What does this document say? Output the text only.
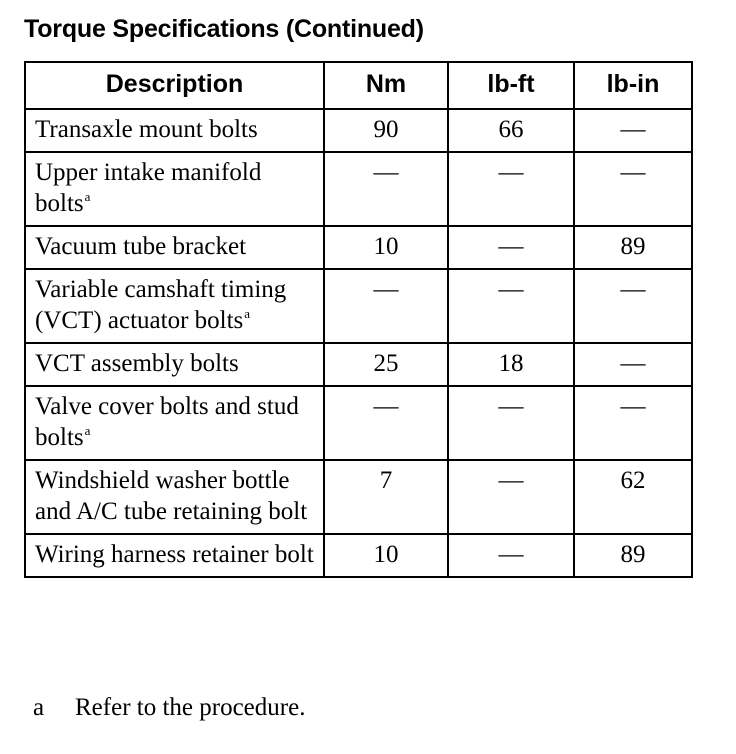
Torque Specifications (Continued)
Description	Nm	lb-ft	lb-in
Transaxle mount bolts	90	66	—
Upper intake manifold bolts$^a$	—	—	—
Vacuum tube bracket	10	—	89
Variable camshaft timing (VCT) actuator bolts$^a$	—	—	—
VCT assembly bolts	25	18	—
Valve cover bolts and stud bolts$^a$	—	—	—
Windshield washer bottle and A/C tube retaining bolt	7	—	62
Wiring harness retainer bolt	10	—	89
a Refer to the procedure.
